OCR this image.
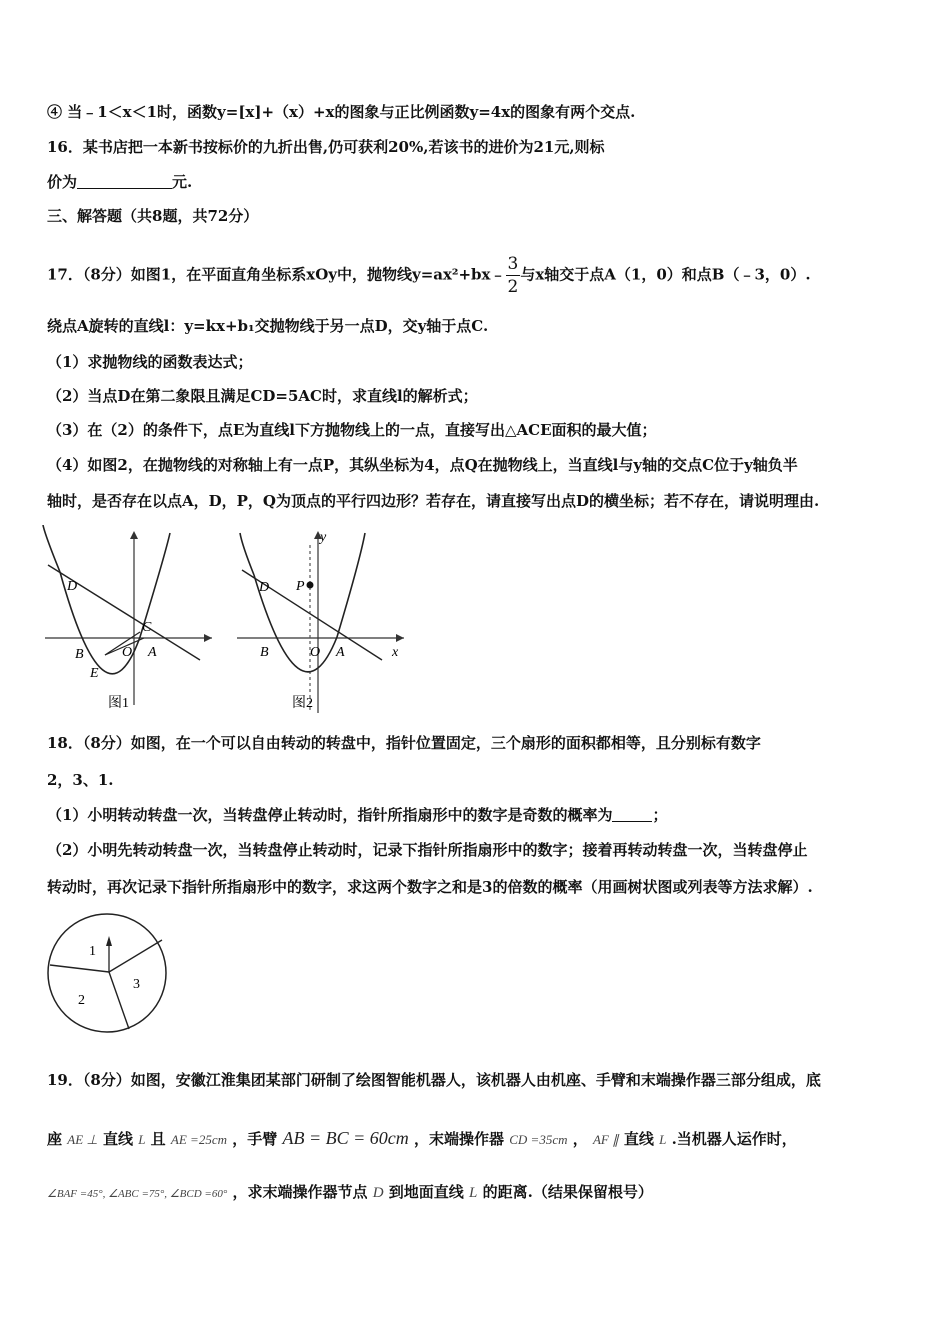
④ 当﹣1＜x＜1时，函数y=[x]+（x）+x的图象与正比例函数y=4x的图象有两个交点.
16．某书店把一本新书按标价的九折出售,仍可获利20%,若该书的进价为21元,则标
价为	元.
三、解答题（共8题，共72分）
17．（8分）如图1，在平面直角坐标系xOy中，抛物线y=ax²+bx﹣ $\frac{3}{2}$ 与x轴交于点A（1，0）和点B（﹣3，0）.
绕点A旋转的直线l：y=kx+b₁交抛物线于另一点D，交y轴于点C.
（1）求抛物线的函数表达式；
（2）当点D在第二象限且满足CD=5AC时，求直线l的解析式；
（3）在（2）的条件下，点E为直线l下方抛物线上的一点，直接写出△ACE面积的最大值；
（4）如图2，在抛物线的对称轴上有一点P，其纵坐标为4，点Q在抛物线上，当直线l与y轴的交点C位于y轴负半
轴时，是否存在以点A，D，P，Q为顶点的平行四边形？若存在，请直接写出点D的横坐标；若不存在，请说明理由.
D
C
B	O A
E
图1
y
P
D
B	O A	x
图2
18．（8分）如图，在一个可以自由转动的转盘中，指针位置固定，三个扇形的面积都相等，且分别标有数字
2，3、1.
（1）小明转动转盘一次，当转盘停止转动时，指针所指扇形中的数字是奇数的概率为	；
（2）小明先转动转盘一次，当转盘停止转动时，记录下指针所指扇形中的数字；接着再转动转盘一次，当转盘停止
转动时，再次记录下指针所指扇形中的数字，求这两个数字之和是3的倍数的概率（用画树状图或列表等方法求解）.
1
2
3
19．（8分）如图，安徽江淮集团某部门研制了绘图智能机器人，该机器人由机座、手臂和末端操作器三部分组成，底
座 AE ⊥ 直线 L 且 AE =25cm ，手臂 AB = BC = 60cm ，末端操作器 CD =35cm ， AF ∥ 直线 L .当机器人运作时，
∠BAF =45°, ∠ABC =75°, ∠BCD =60° ，求末端操作器节点 D 到地面直线 L 的距离.（结果保留根号）
